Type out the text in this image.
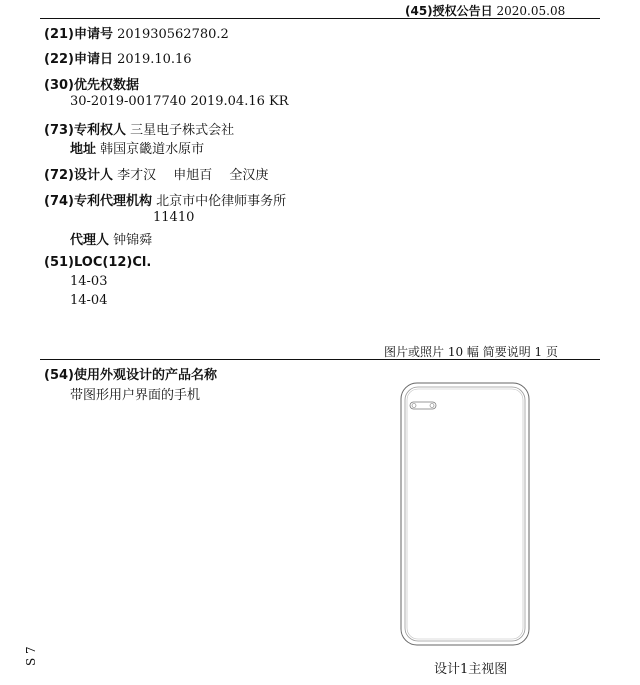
(45)授权公告日 2020.05.08
(21)申请号 201930562780.2
(22)申请日 2019.10.16
(30)优先权数据
30-2019-0017740 2019.04.16 KR
(73)专利权人 三星电子株式会社
地址 韩国京畿道水原市
(72)设计人 李才汉　 申旭百　 全汉庚
(74)专利代理机构 北京市中伦律师事务所
11410
代理人 钟锦舜
(51)LOC(12)Cl.
14-03
14-04
图片或照片 10 幅 简要说明 1 页
(54)使用外观设计的产品名称
带图形用户界面的手机
设计1主视图
S 7
